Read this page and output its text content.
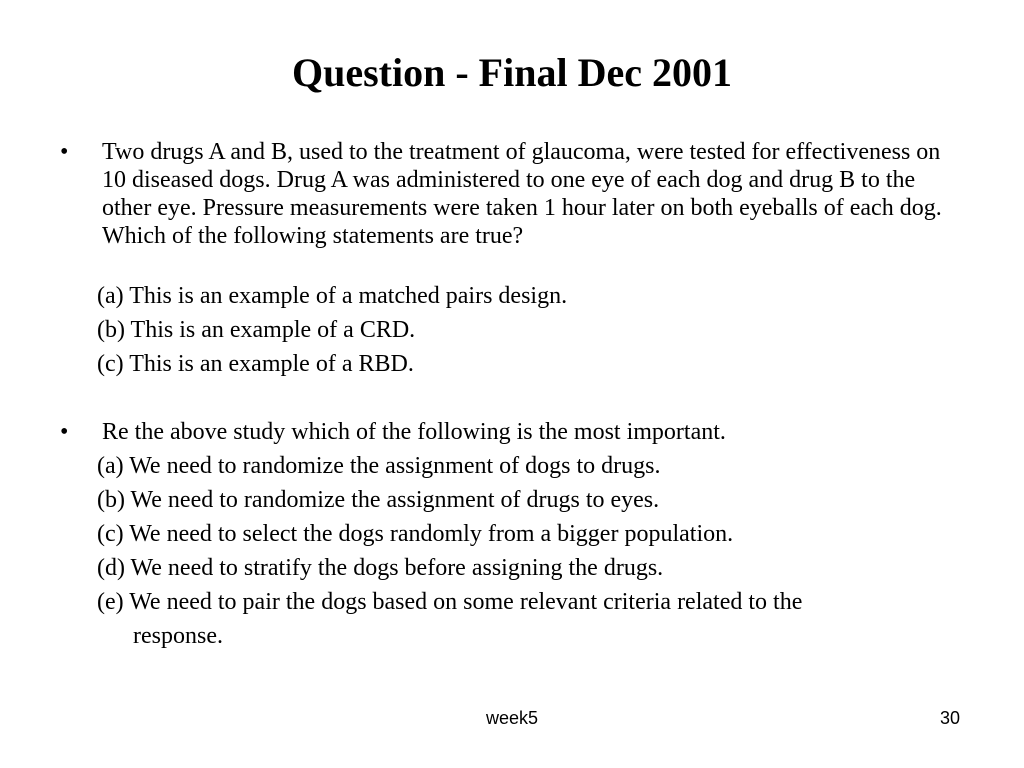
Question - Final Dec 2001
•	Two drugs A and B, used to the treatment of glaucoma, were tested for effectiveness on 10 diseased dogs. Drug A was administered to one eye of each dog and drug B to the other eye. Pressure measurements were taken 1 hour later on both eyeballs of each dog. Which of the following statements are true?
(a) This is an example of a matched pairs design.
(b) This is an example of a CRD.
(c) This is an example of a RBD.
•	Re the above study which of the following is the most important.
(a) We need to randomize the assignment of dogs to drugs.
(b) We need to randomize the assignment of drugs to eyes.
(c) We need to select the dogs randomly from a bigger population.
(d) We need to stratify the dogs before assigning the drugs.
(e) We need to pair the dogs based on some relevant criteria related to the
response.
week5	30
